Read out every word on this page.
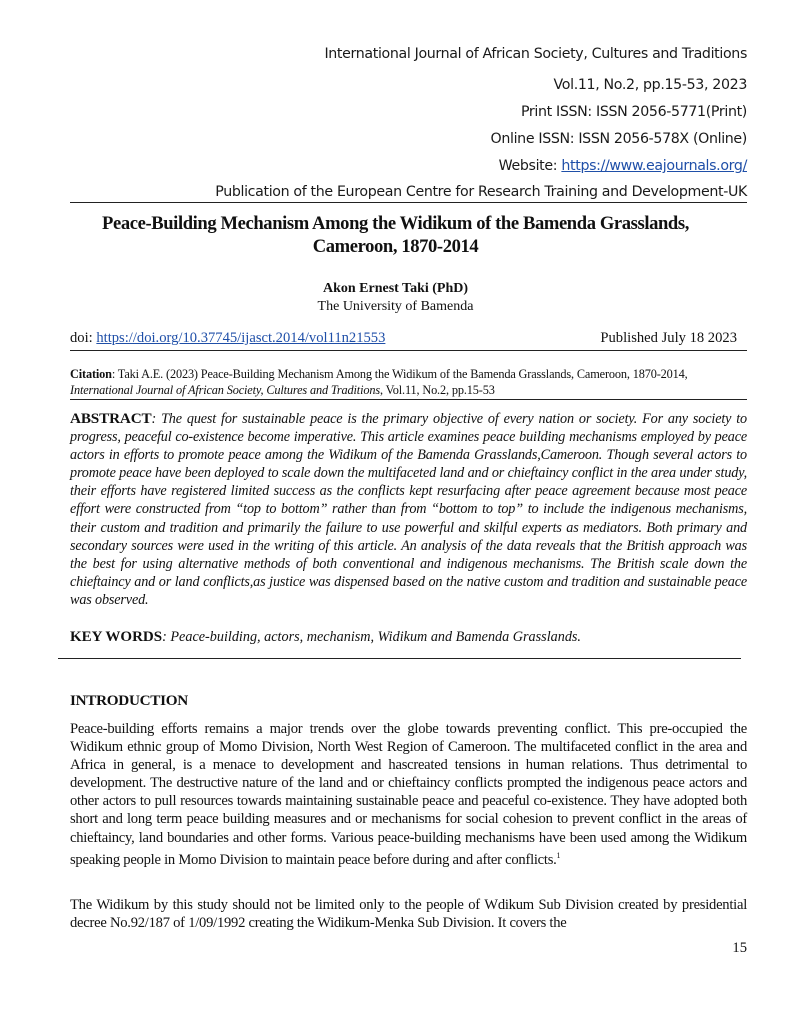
International Journal of African Society, Cultures and Traditions
Vol.11, No.2, pp.15-53, 2023
Print ISSN: ISSN 2056-5771(Print)
Online ISSN: ISSN 2056-578X (Online)
Website: https://www.eajournals.org/
Publication of the European Centre for Research Training and Development-UK
Peace-Building Mechanism Among the Widikum of the Bamenda Grasslands,
Cameroon, 1870-2014
Akon Ernest Taki (PhD)
The University of Bamenda
doi: https://doi.org/10.37745/ijasct.2014/vol11n21553	Published July 18 2023
Citation: Taki A.E. (2023) Peace-Building Mechanism Among the Widikum of the Bamenda Grasslands, Cameroon, 1870-2014, International Journal of African Society, Cultures and Traditions, Vol.11, No.2, pp.15-53
ABSTRACT: The quest for sustainable peace is the primary objective of every nation or society. For any society to progress, peaceful co-existence become imperative. This article examines peace building mechanisms employed by peace actors in efforts to promote peace among the Widikum of the Bamenda Grasslands,Cameroon. Though several actors to promote peace have been deployed to scale down the multifaceted land and or chieftaincy conflict in the area under study, their efforts have registered limited success as the conflicts kept resurfacing after peace agreement because most peace effort were constructed from “top to bottom” rather than from “bottom to top” to include the indigenous mechanisms, their custom and tradition and primarily the failure to use powerful and skilful experts as mediators. Both primary and secondary sources were used in the writing of this article. An analysis of the data reveals that the British approach was the best for using alternative methods of both conventional and indigenous mechanisms. The British scale down the chieftaincy and or land conflicts,as justice was dispensed based on the native custom and tradition and sustainable peace was observed.
KEY WORDS: Peace-building, actors, mechanism, Widikum and Bamenda Grasslands.
INTRODUCTION
Peace-building efforts remains a major trends over the globe towards preventing conflict. This pre-occupied the Widikum ethnic group of Momo Division, North West Region of Cameroon. The multifaceted conflict in the area and Africa in general, is a menace to development and hascreated tensions in human relations. Thus detrimental to development. The destructive nature of the land and or chieftaincy conflicts prompted the indigenous peace actors and other actors to pull resources towards maintaining sustainable peace and peaceful co-existence. They have adopted both short and long term peace building measures and or mechanisms for social cohesion to prevent conflict in the areas of chieftaincy, land boundaries and other forms. Various peace-building mechanisms have been used among the Widikum speaking people in Momo Division to maintain peace before during and after conflicts.$^1$
The Widikum by this study should not be limited only to the people of Wdikum Sub Division created by presidential decree No.92/187 of 1/09/1992 creating the Widikum-Menka Sub Division. It covers the
15
